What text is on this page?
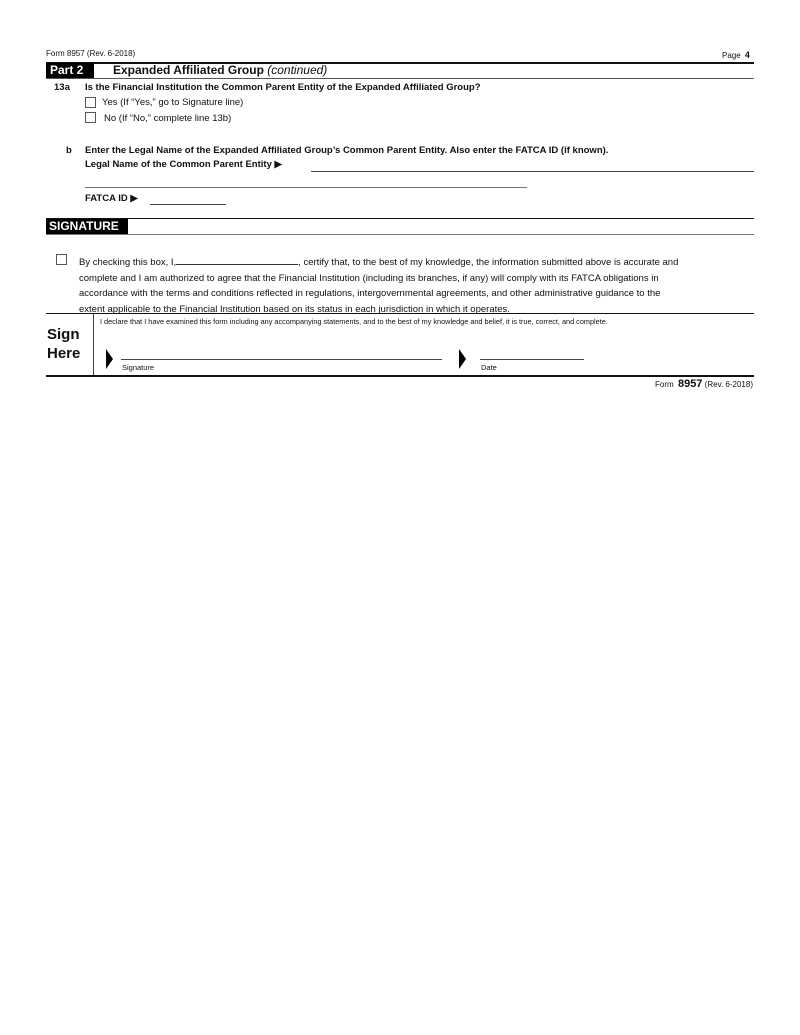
Form 8957 (Rev. 6-2018)	Page 4
Part 2	Expanded Affiliated Group (continued)
13a Is the Financial Institution the Common Parent Entity of the Expanded Affiliated Group?
Yes (If “Yes,” go to Signature line)
No (If “No,” complete line 13b)
b Enter the Legal Name of the Expanded Affiliated Group’s Common Parent Entity. Also enter the FATCA ID (if known).
Legal Name of the Common Parent Entity ▶
FATCA ID ▶
SIGNATURE
By checking this box, I,	, certify that, to the best of my knowledge, the information submitted above is accurate and
complete and I am authorized to agree that the Financial Institution (including its branches, if any) will comply with its FATCA obligations in
accordance with the terms and conditions reflected in regulations, intergovernmental agreements, and other administrative guidance to the
extent applicable to the Financial Institution based on its status in each jurisdiction in which it operates.
Sign
Here
I declare that I have examined this form including any accompanying statements, and to the best of my knowledge and belief, it is true, correct, and complete.
Signature	Date
Form 8957 (Rev. 6-2018)
